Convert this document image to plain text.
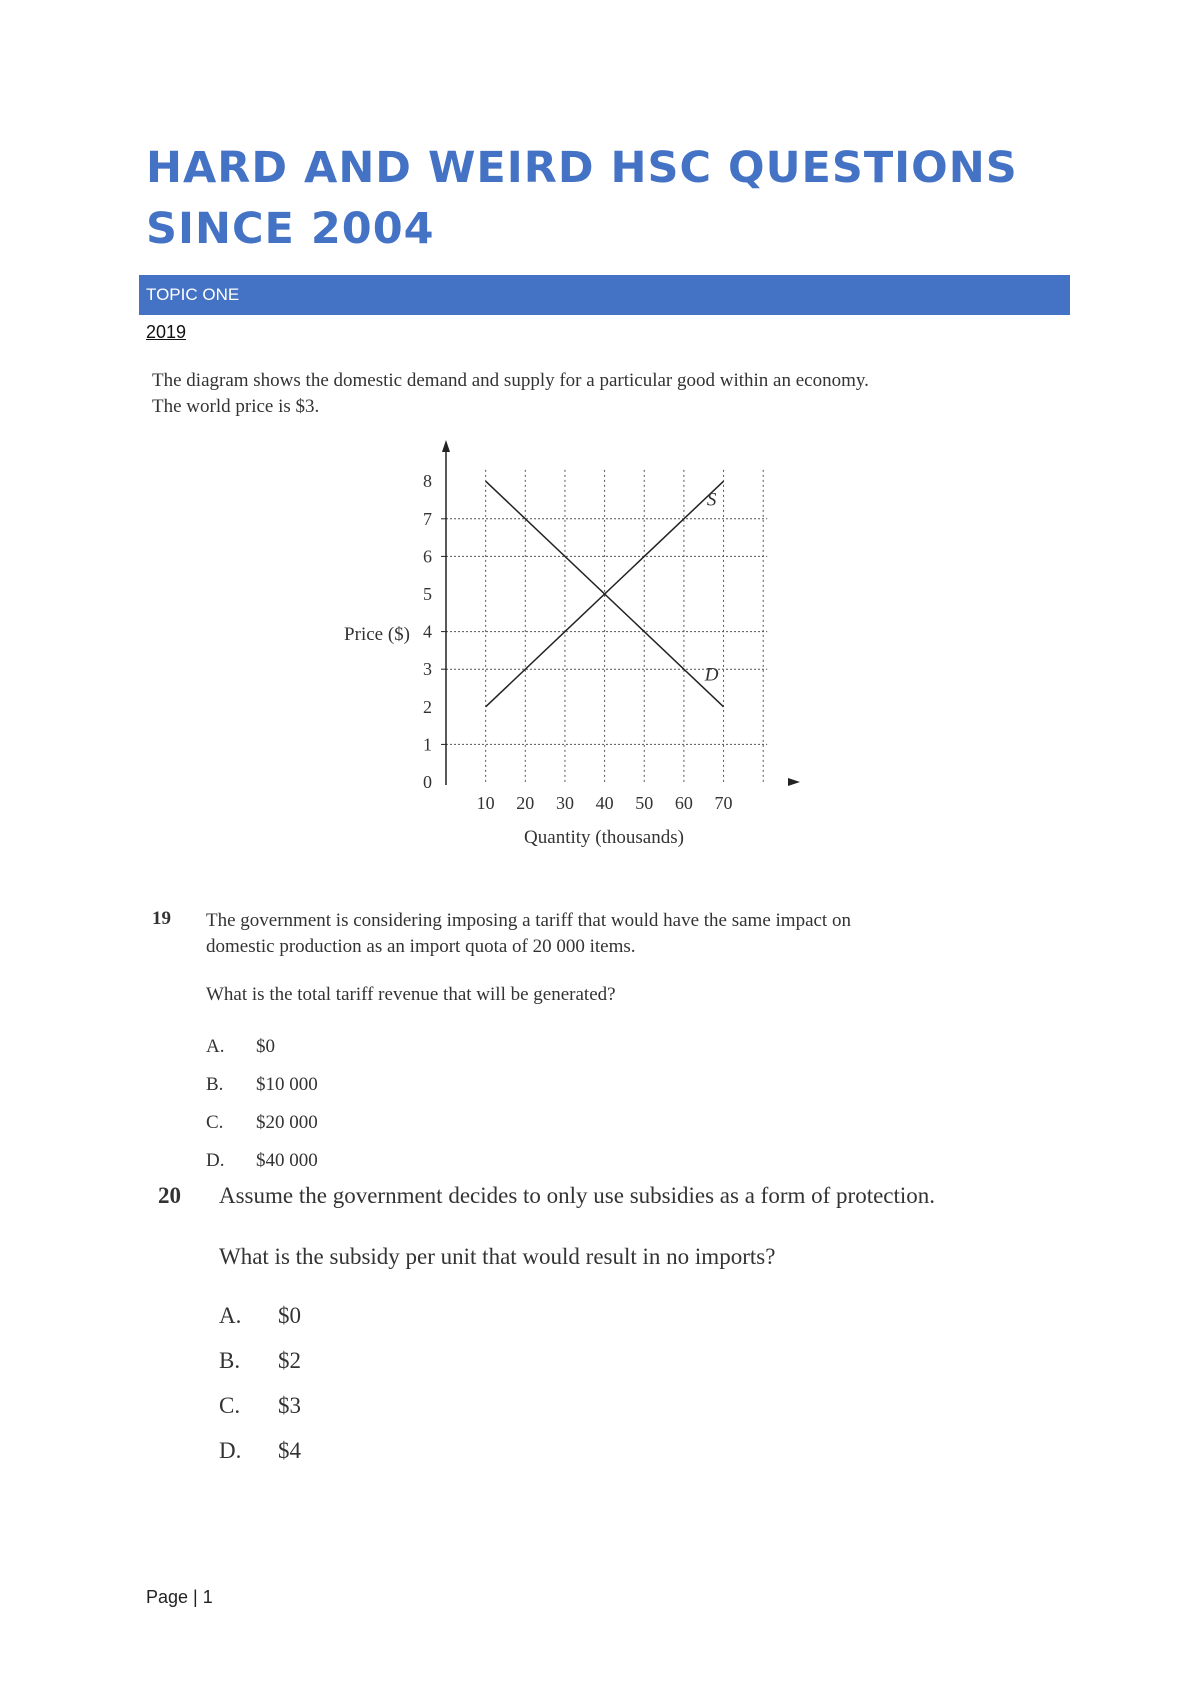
HARD AND WEIRD HSC QUESTIONS SINCE 2004
TOPIC ONE
2019
The diagram shows the domestic demand and supply for a particular good within an economy.
The world price is $3.
0
1
2
3
4
5
6
7
8
10 20 30 40 50 60 70
S
D
Price ($)
Quantity (thousands)
19 The government is considering imposing a tariff that would have the same impact on
domestic production as an import quota of 20 000 items.
What is the total tariff revenue that will be generated?
A. $0
B. $10 000
C. $20 000
D. $40 000
20 Assume the government decides to only use subsidies as a form of protection.
What is the subsidy per unit that would result in no imports?
A. $0
B. $2
C. $3
D. $4
Page | 1
